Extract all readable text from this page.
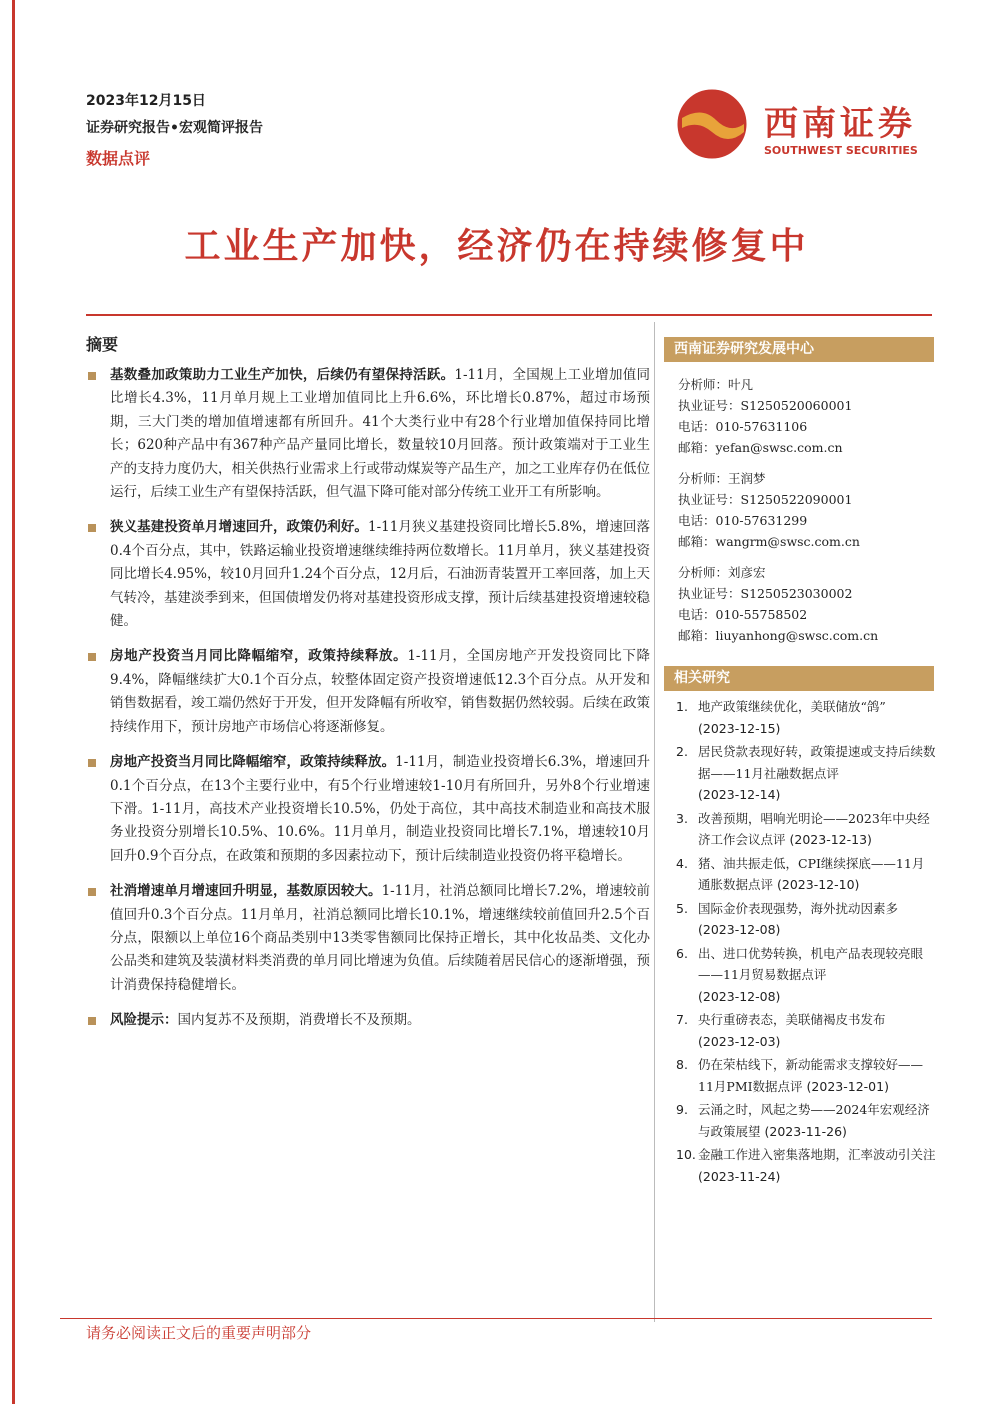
2023年12月15日
证券研究报告•宏观简评报告
数据点评
西南证券
SOUTHWEST SECURITIES
工业生产加快，经济仍在持续修复中
摘要
基数叠加政策助力工业生产加快，后续仍有望保持活跃。1-11月，全国规上工业增加值同比增长4.3%，11月单月规上工业增加值同比上升6.6%，环比增长0.87%，超过市场预期，三大门类的增加值增速都有所回升。41个大类行业中有28个行业增加值保持同比增长；620种产品中有367种产品产量同比增长，数量较10月回落。预计政策端对于工业生产的支持力度仍大，相关供热行业需求上行或带动煤炭等产品生产，加之工业库存仍在低位运行，后续工业生产有望保持活跃，但气温下降可能对部分传统工业开工有所影响。
狭义基建投资单月增速回升，政策仍利好。1-11月狭义基建投资同比增长5.8%，增速回落0.4个百分点，其中，铁路运输业投资增速继续维持两位数增长。11月单月，狭义基建投资同比增长4.95%，较10月回升1.24个百分点，12月后，石油沥青装置开工率回落，加上天气转冷，基建淡季到来，但国债增发仍将对基建投资形成支撑，预计后续基建投资增速较稳健。
房地产投资当月同比降幅缩窄，政策持续释放。1-11月，全国房地产开发投资同比下降9.4%，降幅继续扩大0.1个百分点，较整体固定资产投资增速低12.3个百分点。从开发和销售数据看，竣工端仍然好于开发，但开发降幅有所收窄，销售数据仍然较弱。后续在政策持续作用下，预计房地产市场信心将逐渐修复。
房地产投资当月同比降幅缩窄，政策持续释放。1-11月，制造业投资增长6.3%，增速回升0.1个百分点，在13个主要行业中，有5个行业增速较1-10月有所回升，另外8个行业增速下滑。1-11月，高技术产业投资增长10.5%，仍处于高位，其中高技术制造业和高技术服务业投资分别增长10.5%、10.6%。11月单月，制造业投资同比增长7.1%，增速较10月回升0.9个百分点，在政策和预期的多因素拉动下，预计后续制造业投资仍将平稳增长。
社消增速单月增速回升明显，基数原因较大。1-11月，社消总额同比增长7.2%，增速较前值回升0.3个百分点。11月单月，社消总额同比增长10.1%，增速继续较前值回升2.5个百分点，限额以上单位16个商品类别中13类零售额同比保持正增长，其中化妆品类、文化办公品类和建筑及装潢材料类消费的单月同比增速为负值。后续随着居民信心的逐渐增强，预计消费保持稳健增长。
风险提示：国内复苏不及预期，消费增长不及预期。
西南证券研究发展中心
分析师：叶凡
执业证号：S1250520060001
电话：010-57631106
邮箱：yefan@swsc.com.cn
分析师：王润梦
执业证号：S1250522090001
电话：010-57631299
邮箱：wangrm@swsc.com.cn
分析师：刘彦宏
执业证号：S1250523030002
电话：010-55758502
邮箱：liuyanhong@swsc.com.cn
相关研究
1. 地产政策继续优化，美联储放“鸽”
(2023-12-15)
2. 居民贷款表现好转，政策提速或支持后续数据——11月社融数据点评
(2023-12-14)
3. 改善预期，唱响光明论——2023年中央经济工作会议点评 (2023-12-13)
4. 猪、油共振走低，CPI继续探底——11月通胀数据点评 (2023-12-10)
5. 国际金价表现强势，海外扰动因素多
(2023-12-08)
6. 出、进口优势转换，机电产品表现较亮眼——11月贸易数据点评
(2023-12-08)
7. 央行重磅表态，美联储褐皮书发布
(2023-12-03)
8. 仍在荣枯线下，新动能需求支撑较好——11月PMI数据点评 (2023-12-01)
9. 云涌之时，风起之势——2024年宏观经济与政策展望 (2023-11-26)
10. 金融工作进入密集落地期，汇率波动引关注 (2023-11-24)
请务必阅读正文后的重要声明部分
